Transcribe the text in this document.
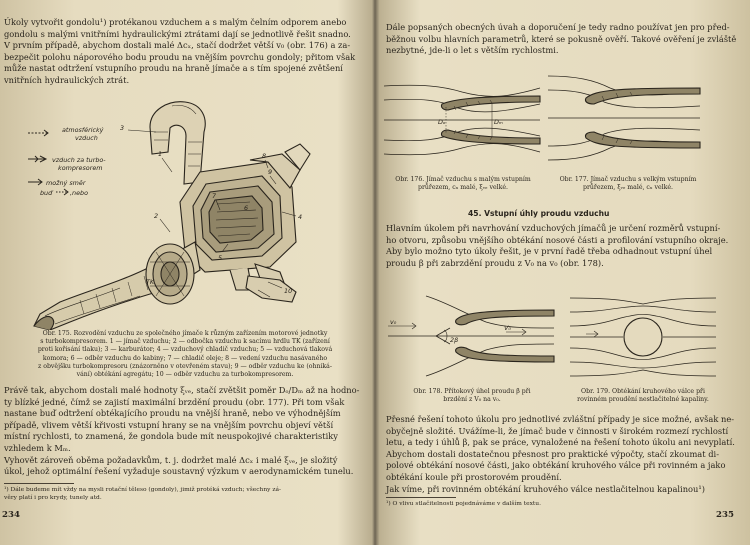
Úkoly vytvořit gondolu¹) protékanou vzduchem a s malým čelním odporem anebo
gondolu s malými vnitřními hydraulickými ztrátami dají se jednotlivě řešit snadno.
V prvním případě, abychom dostali malé Δcₓ, stačí dodržet větší v₀ (obr. 176) a za-
bezpečit polohu náporového bodu proudu na vnějším povrchu gondoly; přitom však
může nastat odtržení vstupního proudu na hraně jímače a s tím spojené zvětšení
vnitřních hydraulických ztrát.
atmosférický
vzduch
vzduch za turbo-
kompresorem
možný směr
buď	,nebo
3
1	8
9
7
2
6
4
5
TK
10
Obr. 175. Rozvodění vzduchu ze společného jímače k různým zařízením motorové jednotky
s turbokompresorem. 1 — jímač vzduchu; 2 — odbočka vzduchu k sacímu hrdlu TK (zařízení
proti kořisání tlaku); 3 — karburátor; 4 — vzduchový chladič vzduchu; 5 — vzduchová tlaková
komora; 6 — odběr vzduchu do kabiny; 7 — chladič oleje; 8 — vedení vzduchu nasávaného
z obvějšku turbokompresoru (znázorněno v otevřeném stavu); 9 — odběr vzduchu ke (ohniká-
vání) obtékání agregátu; 10 — odběr vzduchu za turbokompresorem.
Právě tak, abychom dostali malé hodnoty ξᵥₑ, stačí zvětšit poměr Dₒ/Dₘ až na hodno-
ty blízké jedné, čímž se zajistí maximální brzdění proudu (obr. 177). Při tom však
nastane buď odtržení obtékajícího proudu na vnější hraně, nebo ve výhodnějším
případě, vlivem větší křivosti vstupní hrany se na vnějším povrchu objeví větší
místní rychlosti, to znamená, že gondola bude mít neuspokojivé charakteristiky
vzhledem k Mₘ.
Vyhovět zároveň oběma požadavkům, t. j. dodržet malé Δcₓ i malé ξᵥₑ, je složitý
úkol, jehož optimální řešení vyžaduje soustavný výzkum v aerodynamickém tunelu.
¹) Dále budeme mít vždy na mysli rotační těleso (gondoly), jimiž protéká vzduch; všechny zá-
věry platí i pro krydy, tunely atd.
234
Dále popsaných obecných úvah a doporučení je tedy radno používat jen pro před-
běžnou volbu hlavních parametrů, které se pokusně ověří. Takové ověření je zvláště
nezbytné, jde-li o let s větším rychlostmi.
Dₒ	Dₘ
Obr. 176. Jímač vzduchu s malým vstupním
průřezem, cₓ malé, ξᵥₑ velké.
Obr. 177. Jímač vzduchu s velkým vstupním
průřezem, ξᵥₑ malé, cₓ velké.
45. Vstupní úhly proudu vzduchu
Hlavním úkolem při navrhování vzduchových jímačů je určení rozměrů vstupní-
ho otvoru, způsobu vnějšího obtékání nosové části a profilování vstupního okraje.
Aby bylo možno tyto úkoly řešit, je v první řadě třeba odhadnout vstupní úhel
proudu β při zabrzdění proudu z V₀ na v₀ (obr. 178).
v₀
V₀
2β
Obr. 178. Přítokový úhel proudu β při
brzdění z V₀ na v₀.
Obr. 179. Obtékání kruhového válce při
rovinném proudění nestlačitelné kapaliny.
Přesné řešení tohoto úkolu pro jednotlivé zvláštní případy je sice možné, avšak ne-
obyčejně složité. Uvážíme-li, že jímač bude v činnosti v širokém rozmezí rychlostí
letu, a tedy i úhlů β, pak se práce, vynaložené na řešení tohoto úkolu ani nevyplatí.
Abychom dostali dostatečnou přesnost pro praktické výpočty, stačí zkoumat di-
polové obtékání nosové části, jako obtékání kruhového válce při rovinném a jako
obtékání koule při prostorovém proudění.
Jak víme, při rovinném obtékání kruhového válce nestlačitelnou kapalinou¹)
¹) O vlivu stlačitelnosti pojednáváme v dalším textu.
235
